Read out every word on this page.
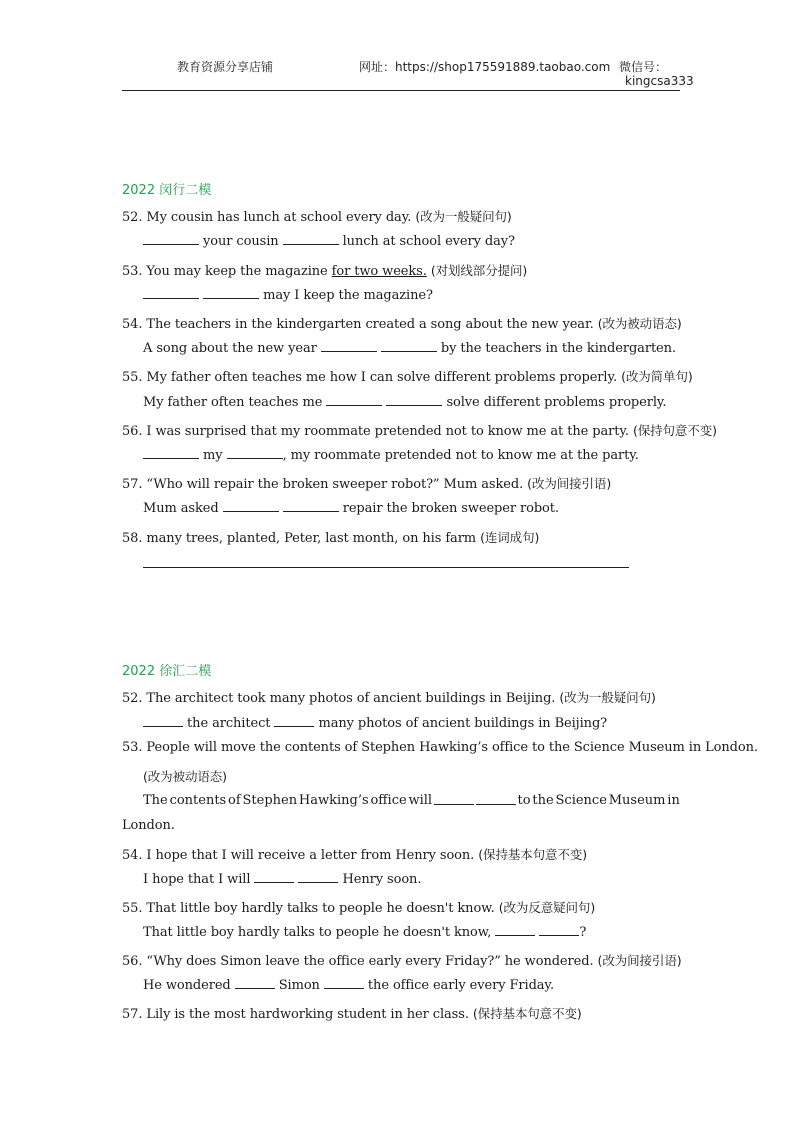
教育资源分享店铺	网址：https://shop175591889.taobao.com 微信号：
kingcsa333
2022 闵行二模
52. My cousin has lunch at school every day. (改为一般疑问句)
your cousin	lunch at school every day?
53. You may keep the magazine for two weeks. (对划线部分提问)
may I keep the magazine?
54. The teachers in the kindergarten created a song about the new year. (改为被动语态)
A song about the new year	by the teachers in the kindergarten.
55. My father often teaches me how I can solve different problems properly. (改为简单句)
My father often teaches me	solve different problems properly.
56. I was surprised that my roommate pretended not to know me at the party. (保持句意不变)
my	, my roommate pretended not to know me at the party.
57. “Who will repair the broken sweeper robot?” Mum asked. (改为间接引语)
Mum asked	repair the broken sweeper robot.
58. many trees, planted, Peter, last month, on his farm (连词成句)
2022 徐汇二模
52. The architect took many photos of ancient buildings in Beijing. (改为一般疑问句)
the architect	many photos of ancient buildings in Beijing?
53. People will move the contents of Stephen Hawking’s office to the Science Museum in London.
(改为被动语态)
The contents of Stephen Hawking’s office will	to the Science Museum in
London.
54. I hope that I will receive a letter from Henry soon. (保持基本句意不变)
I hope that I will	Henry soon.
55. That little boy hardly talks to people he doesn't know. (改为反意疑问句)
That little boy hardly talks to people he doesn't know,	?
56. “Why does Simon leave the office early every Friday?” he wondered. (改为间接引语)
He wondered	Simon	the office early every Friday.
57. Lily is the most hardworking student in her class. (保持基本句意不变)
